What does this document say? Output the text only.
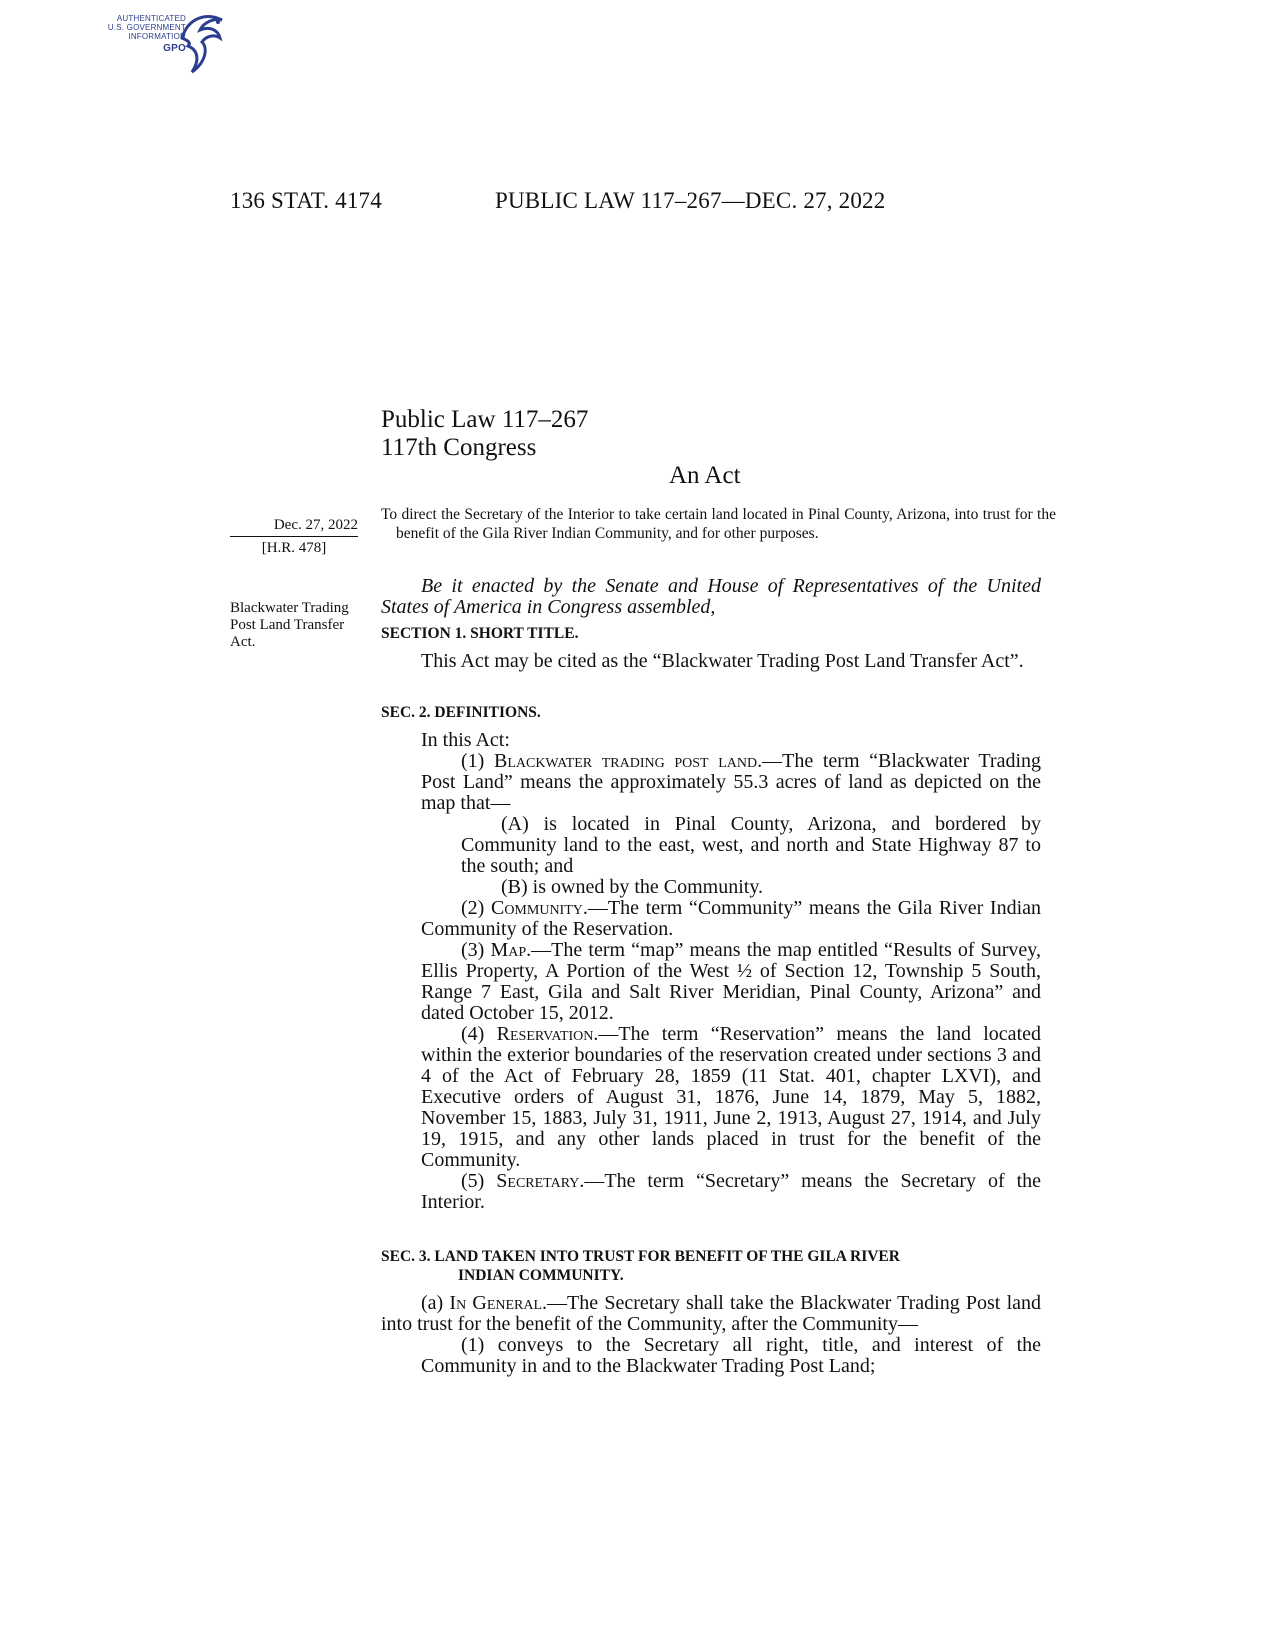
AUTHENTICATED
U.S. GOVERNMENT
INFORMATION
GPO
136 STAT. 4174	PUBLIC LAW 117–267—DEC. 27, 2022
Public Law 117–267
117th Congress
An Act
Dec. 27, 2022
[H.R. 478]
Blackwater Trading Post Land Transfer Act.
To direct the Secretary of the Interior to take certain land located in Pinal County, Arizona, into trust for the benefit of the Gila River Indian Community, and for other purposes.

Be it enacted by the Senate and House of Representatives of the United States of America in Congress assembled,

SECTION 1. SHORT TITLE.

This Act may be cited as the “Blackwater Trading Post Land Transfer Act”.

SEC. 2. DEFINITIONS.

In this Act:

(1) Blackwater trading post land.—The term “Blackwater Trading Post Land” means the approximately 55.3 acres of land as depicted on the map that—

(A) is located in Pinal County, Arizona, and bordered by Community land to the east, west, and north and State Highway 87 to the south; and

(B) is owned by the Community.

(2) Community.—The term “Community” means the Gila River Indian Community of the Reservation.

(3) Map.—The term “map” means the map entitled “Results of Survey, Ellis Property, A Portion of the West ½ of Section 12, Township 5 South, Range 7 East, Gila and Salt River Meridian, Pinal County, Arizona” and dated October 15, 2012.

(4) Reservation.—The term “Reservation” means the land located within the exterior boundaries of the reservation created under sections 3 and 4 of the Act of February 28, 1859 (11 Stat. 401, chapter LXVI), and Executive orders of August 31, 1876, June 14, 1879, May 5, 1882, November 15, 1883, July 31, 1911, June 2, 1913, August 27, 1914, and July 19, 1915, and any other lands placed in trust for the benefit of the Community.

(5) Secretary.—The term “Secretary” means the Secretary of the Interior.

SEC. 3. LAND TAKEN INTO TRUST FOR BENEFIT OF THE GILA RIVER
INDIAN COMMUNITY.

(a) In General.—The Secretary shall take the Blackwater Trading Post land into trust for the benefit of the Community, after the Community—

(1) conveys to the Secretary all right, title, and interest of the Community in and to the Blackwater Trading Post Land;
